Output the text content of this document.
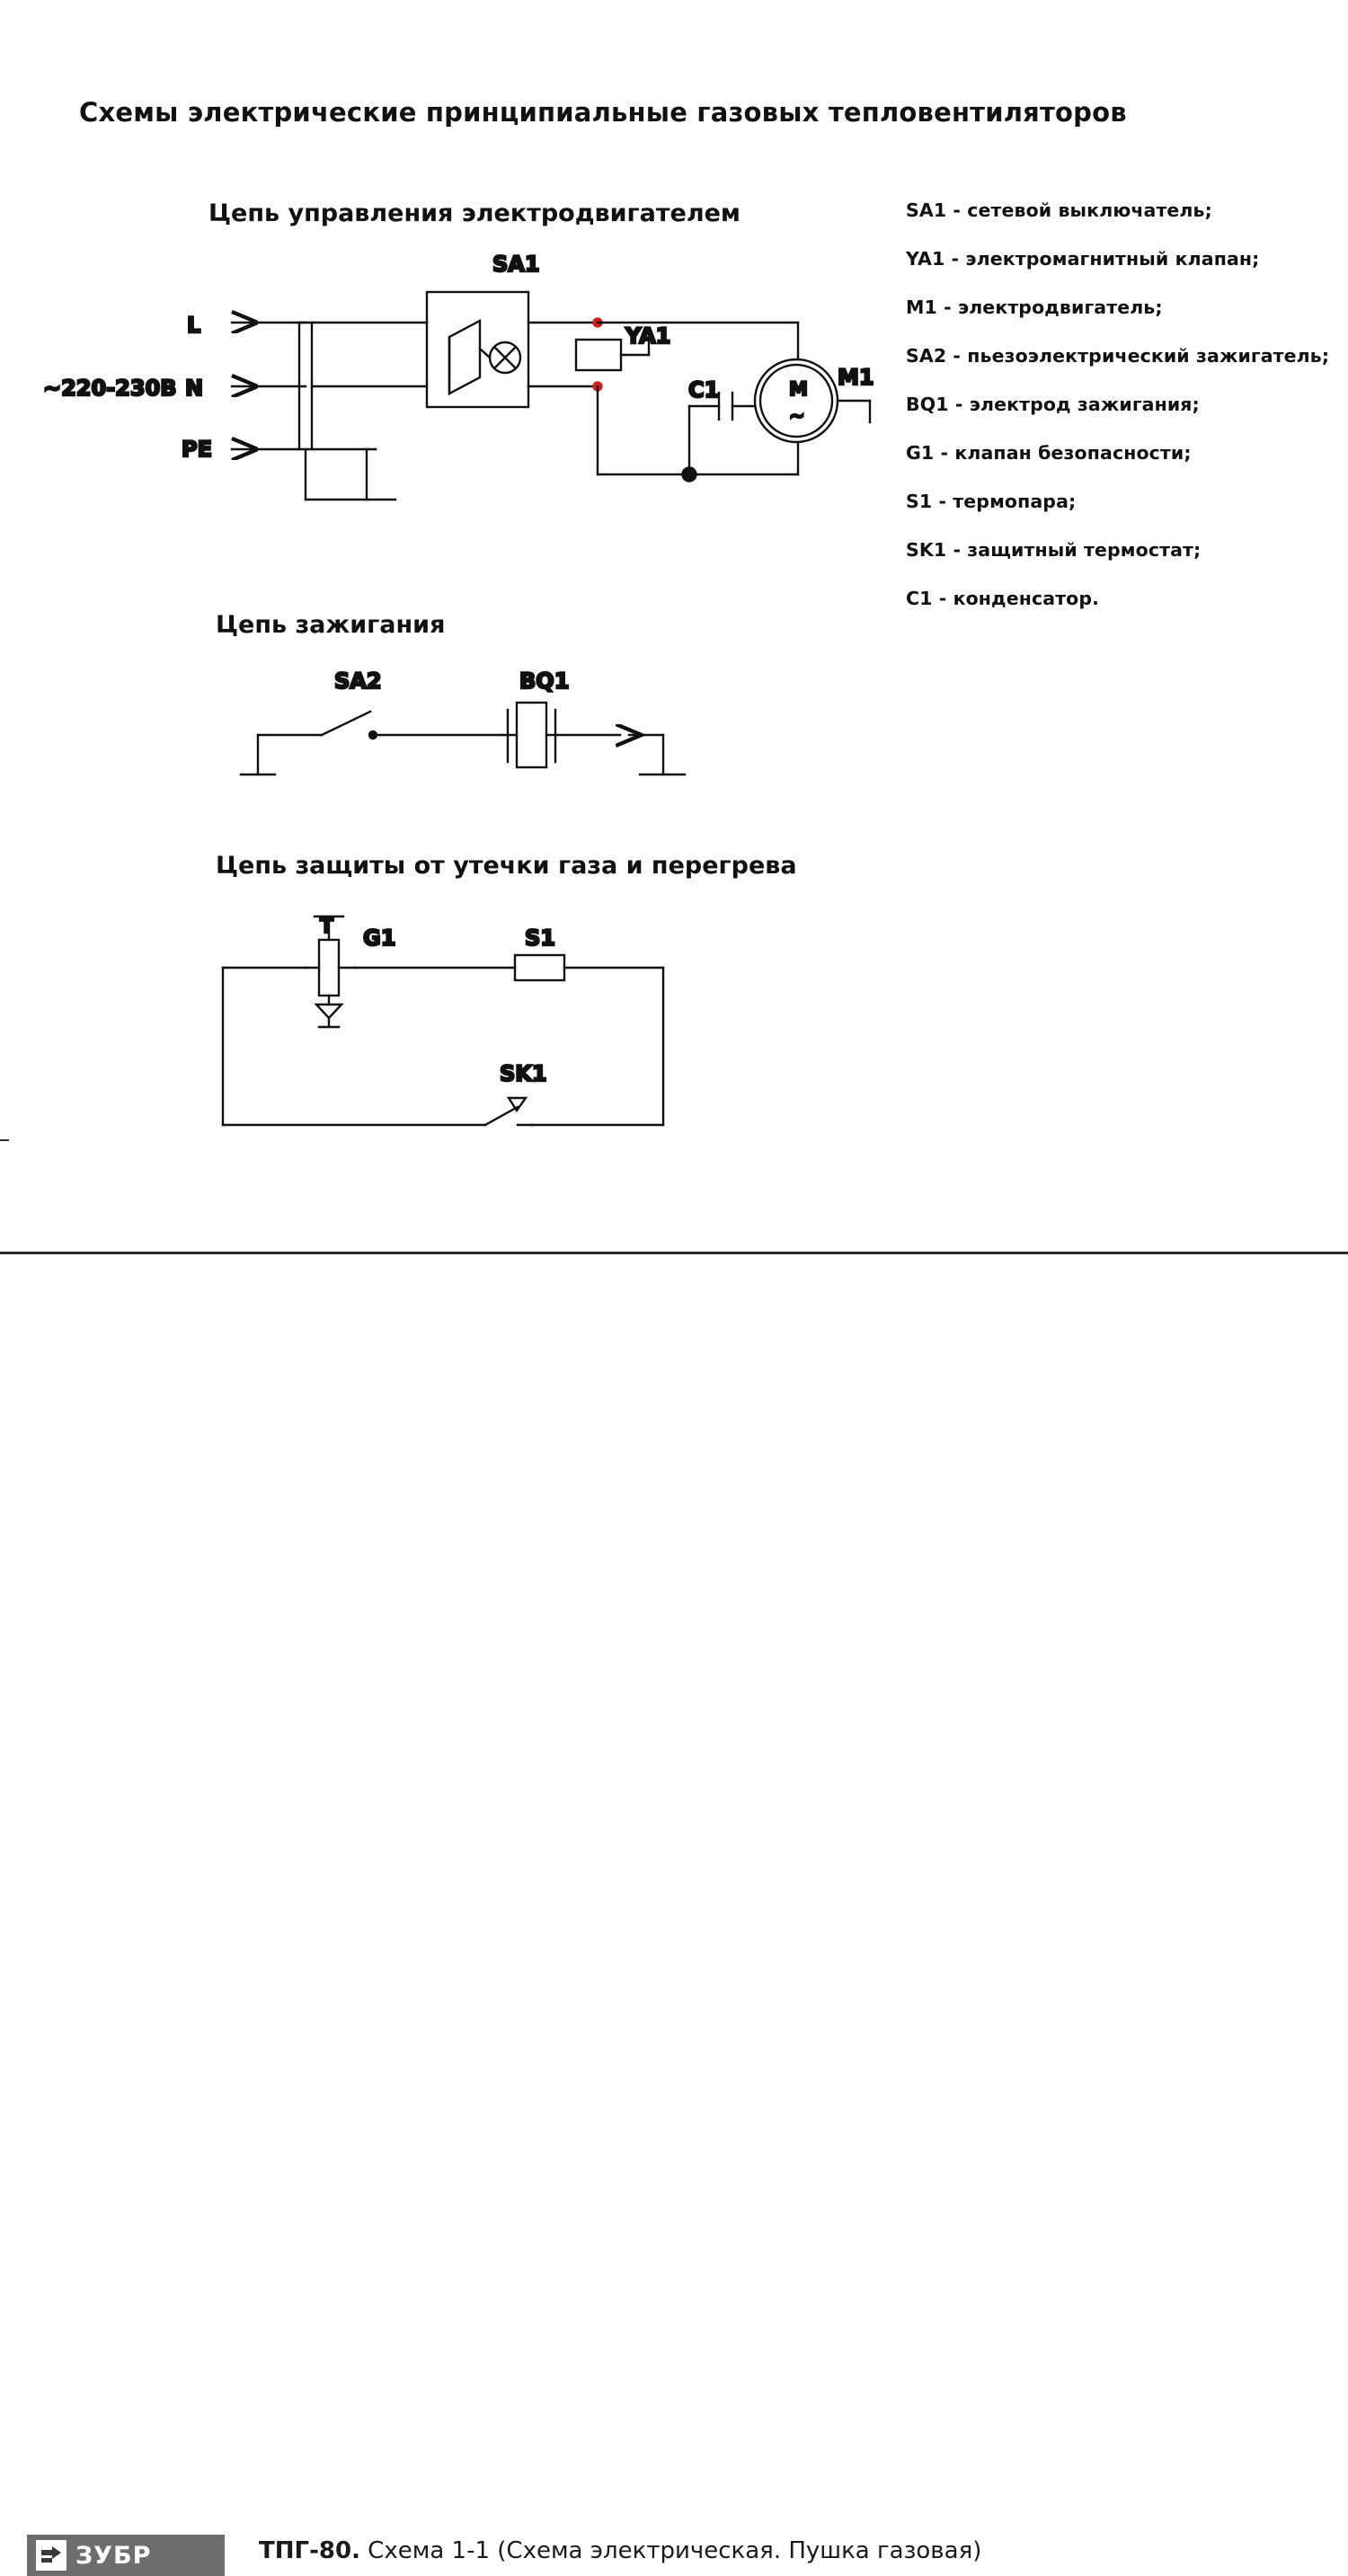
Схемы электрические принципиальные газовых тепловентиляторов
Цепь управления электродвигателем
Цепь зажигания
Цепь защиты от утечки газа и перегрева
SA1 - сетевой выключатель;
YA1 - электромагнитный клапан;
M1 - электродвигатель;
SA2 - пьезоэлектрический зажигатель;
BQ1 - электрод зажигания;
G1 - клапан безопасности;
S1 - термопара;
SK1 - защитный термостат;
C1 - конденсатор.
~220-230В
L
N
PE
SA1
YA1
C1	M
~
M1
SA2	BQ1
T G1	S1
SK1
ЗУБР	ТПГ-80. Схема 1-1 (Схема электрическая. Пушка газовая)
